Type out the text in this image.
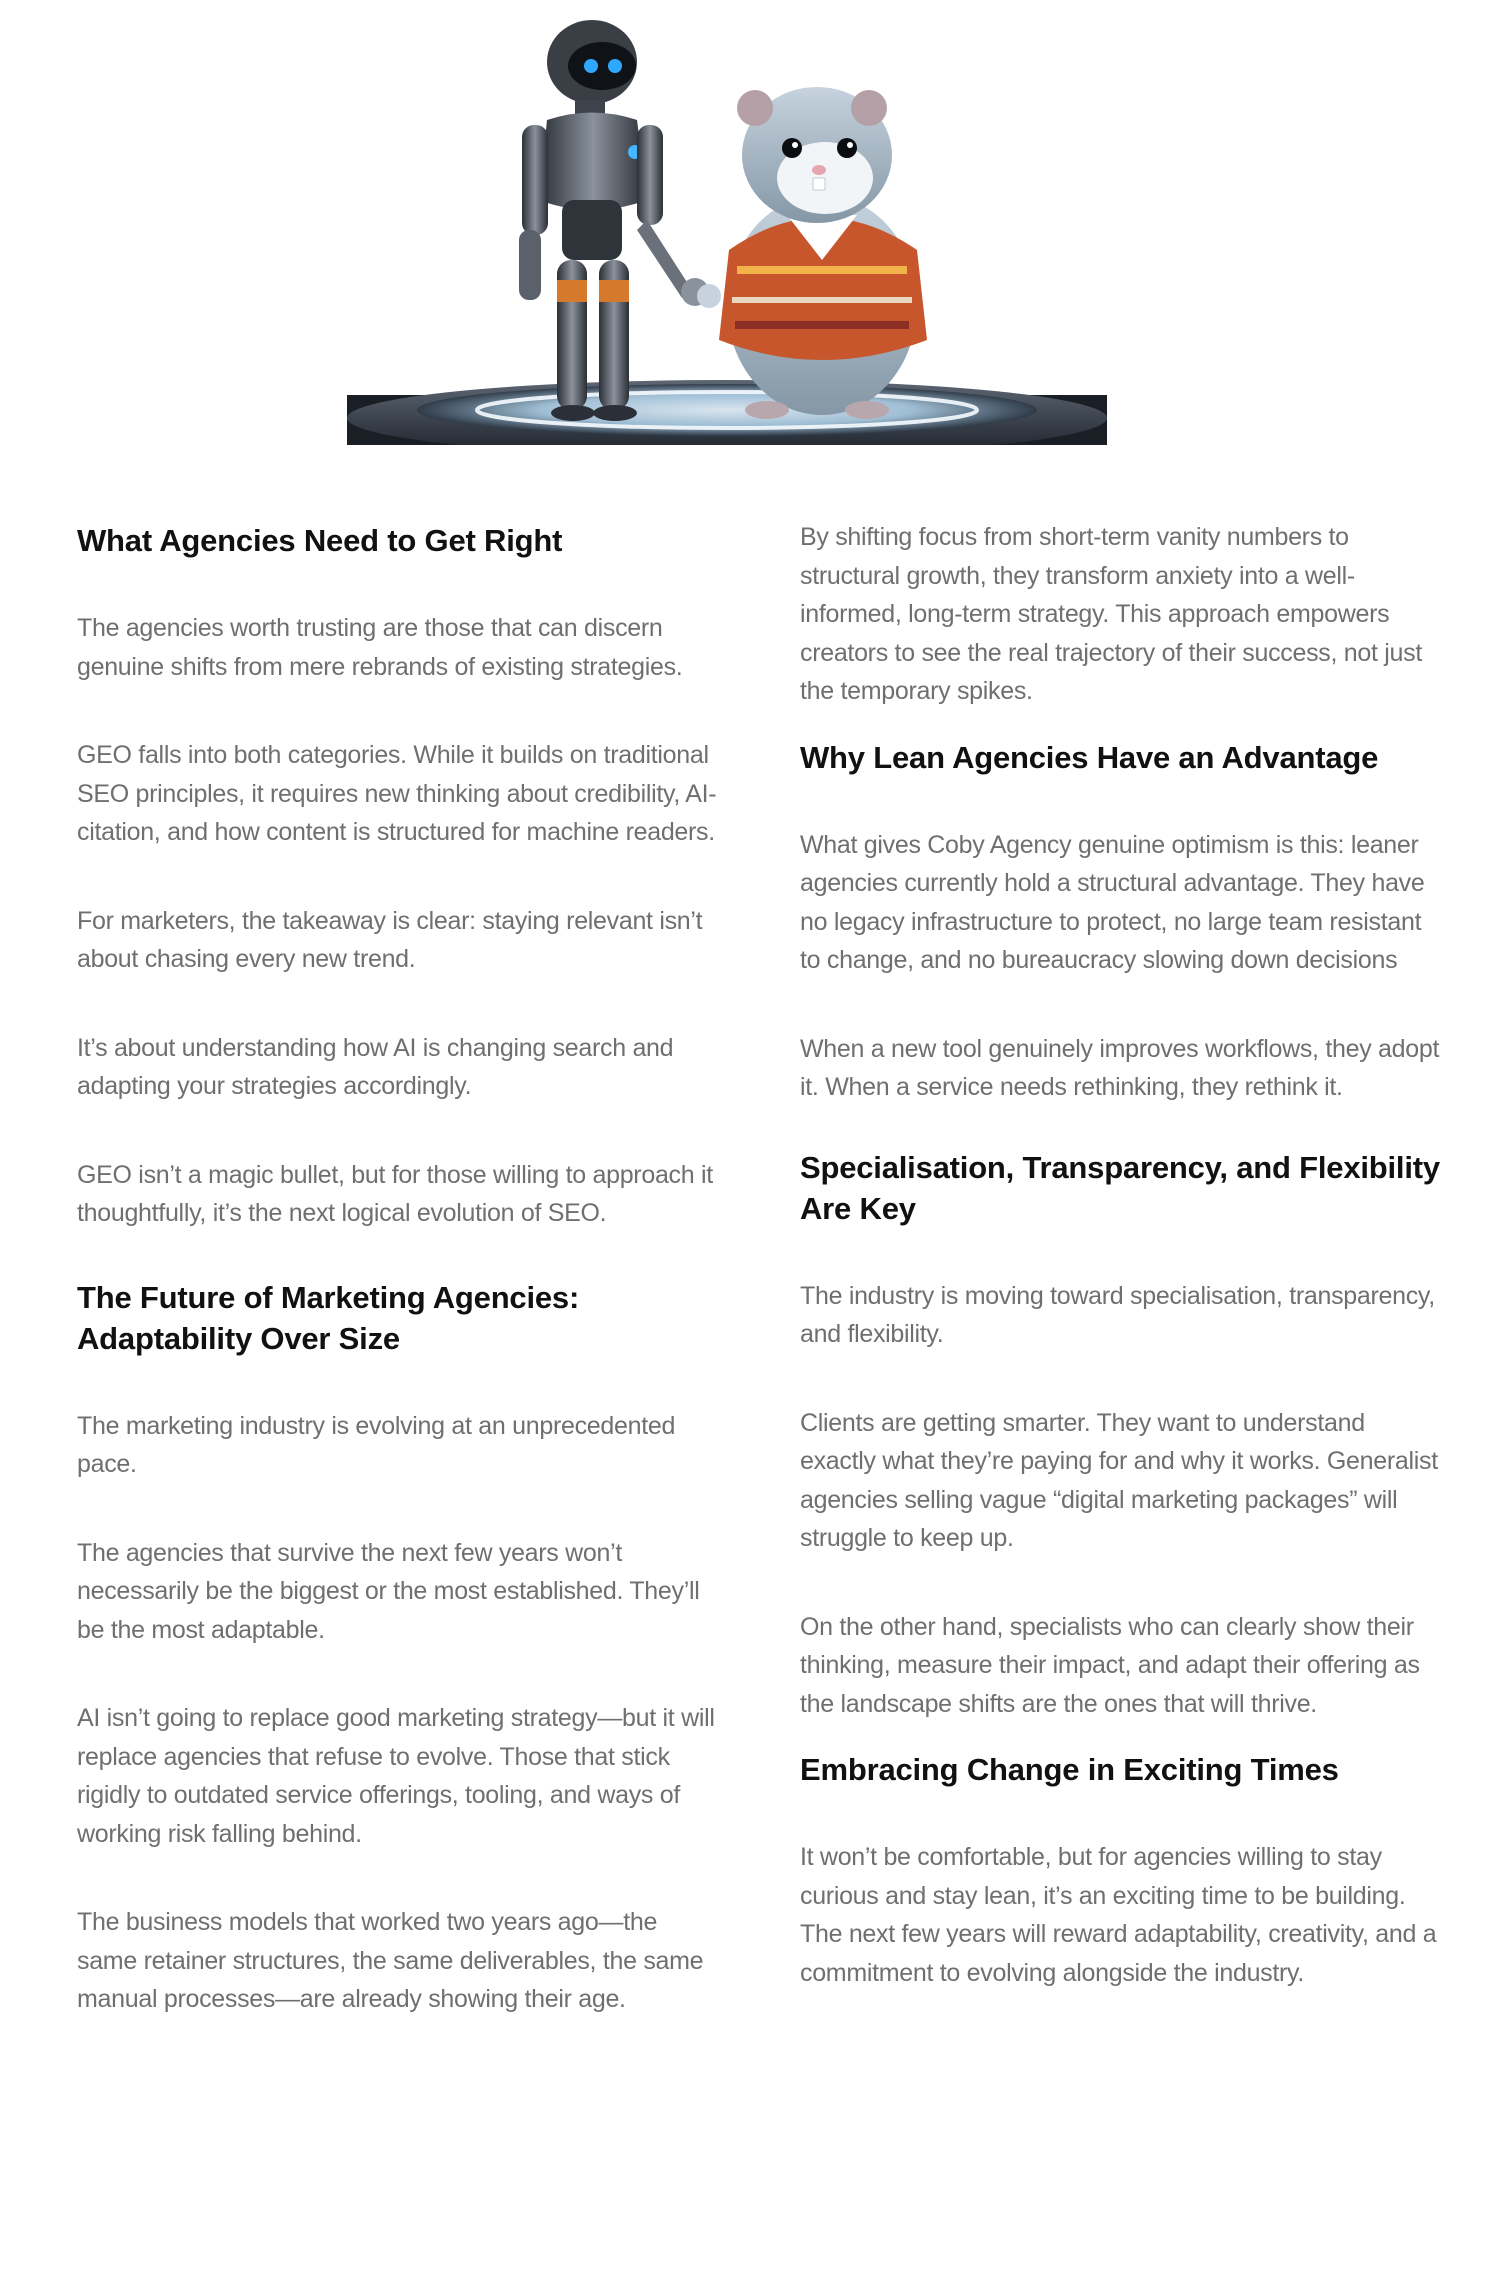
What Agencies Need to Get Right

The agencies worth trusting are those that can discern genuine shifts from mere rebrands of existing strategies.

GEO falls into both categories. While it builds on traditional SEO principles, it requires new thinking about credibility, AI-citation, and how content is structured for machine readers.

For marketers, the takeaway is clear: staying relevant isn’t about chasing every new trend.

It’s about understanding how AI is changing search and adapting your strategies accordingly.

GEO isn’t a magic bullet, but for those willing to approach it thoughtfully, it’s the next logical evolution of SEO.

The Future of Marketing Agencies: Adaptability Over Size

The marketing industry is evolving at an unprecedented pace.

The agencies that survive the next few years won’t necessarily be the biggest or the most established. They’ll be the most adaptable.

AI isn’t going to replace good marketing strategy—but it will replace agencies that refuse to evolve. Those that stick rigidly to outdated service offerings, tooling, and ways of working risk falling behind.

The business models that worked two years ago—the same retainer structures, the same deliverables, the same manual processes—are already showing their age.

By shifting focus from short-term vanity numbers to structural growth, they transform anxiety into a well-informed, long-term strategy. This approach empowers creators to see the real trajectory of their success, not just the temporary spikes.

Why Lean Agencies Have an Advantage

What gives Coby Agency genuine optimism is this: leaner agencies currently hold a structural advantage. They have no legacy infrastructure to protect, no large team resistant to change, and no bureaucracy slowing down decisions

When a new tool genuinely improves workflows, they adopt it. When a service needs rethinking, they rethink it.

Specialisation, Transparency, and Flexibility Are Key

The industry is moving toward specialisation, transparency, and flexibility.

Clients are getting smarter. They want to understand exactly what they’re paying for and why it works. Generalist agencies selling vague “digital marketing packages” will struggle to keep up.

On the other hand, specialists who can clearly show their thinking, measure their impact, and adapt their offering as the landscape shifts are the ones that will thrive.

Embracing Change in Exciting Times

It won’t be comfortable, but for agencies willing to stay curious and stay lean, it’s an exciting time to be building. The next few years will reward adaptability, creativity, and a commitment to evolving alongside the industry.
